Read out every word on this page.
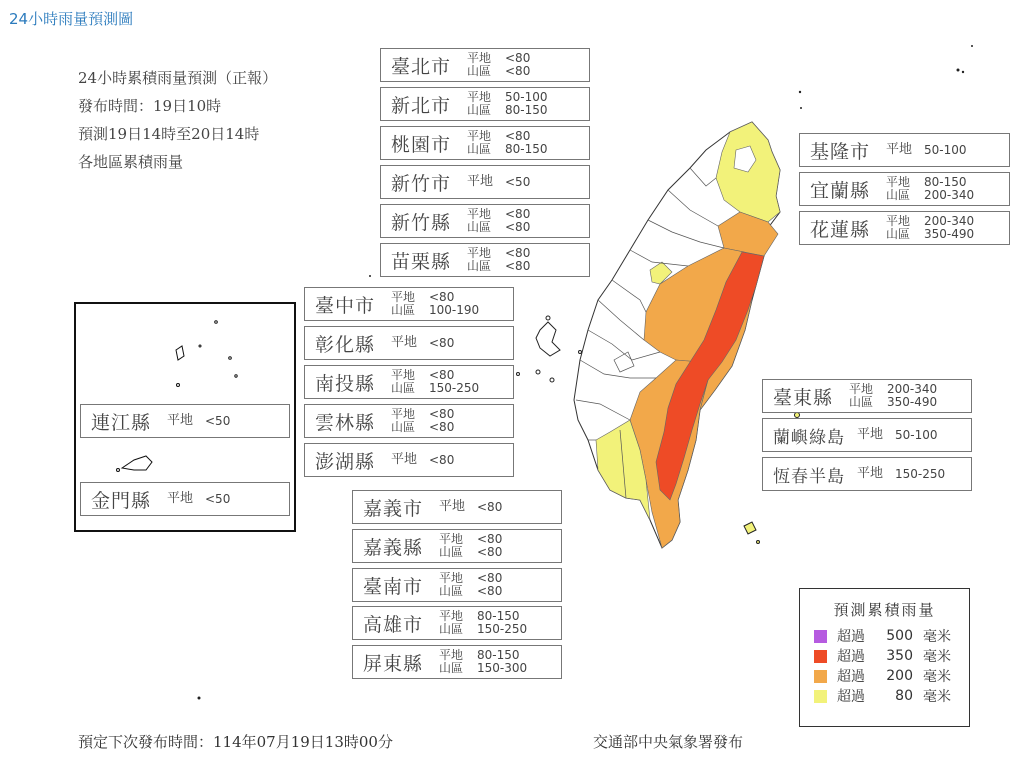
24小時雨量預測圖
24小時累積雨量預測（正報）
發布時間：19日10時
預測19日14時至20日14時
各地區累積雨量
臺北市	平地	<80
山區	<80
新北市	平地	50-100
山區	80-150
桃園市	平地	<80
山區	80-150
新竹市	平地 <50
新竹縣	平地	<80
山區	<80
苗栗縣	平地	<80
山區	<80
臺中市	平地	<80
山區	100-190
彰化縣	平地 <80
南投縣	平地	<80
山區	150-250
雲林縣	平地	<80
山區	<80
澎湖縣	平地 <80
嘉義市	平地 <80
嘉義縣	平地	<80
山區	<80
臺南市	平地	<80
山區	<80
高雄市	平地	80-150
山區	150-250
屏東縣	平地	80-150
山區	150-300
基隆市	平地 50-100
宜蘭縣	平地	80-150
山區	200-340
花蓮縣	平地	200-340
山區	350-490
臺東縣	平地	200-340
山區	350-490
蘭嶼綠島 平地 50-100
恆春半島 平地 150-250
連江縣	平地 <50
金門縣	平地 <50
預測累積雨量
超過	500 毫米
超過	350 毫米
超過	200 毫米
超過	80 毫米
預定下次發布時間：114年07月19日13時00分	交通部中央氣象署發布
